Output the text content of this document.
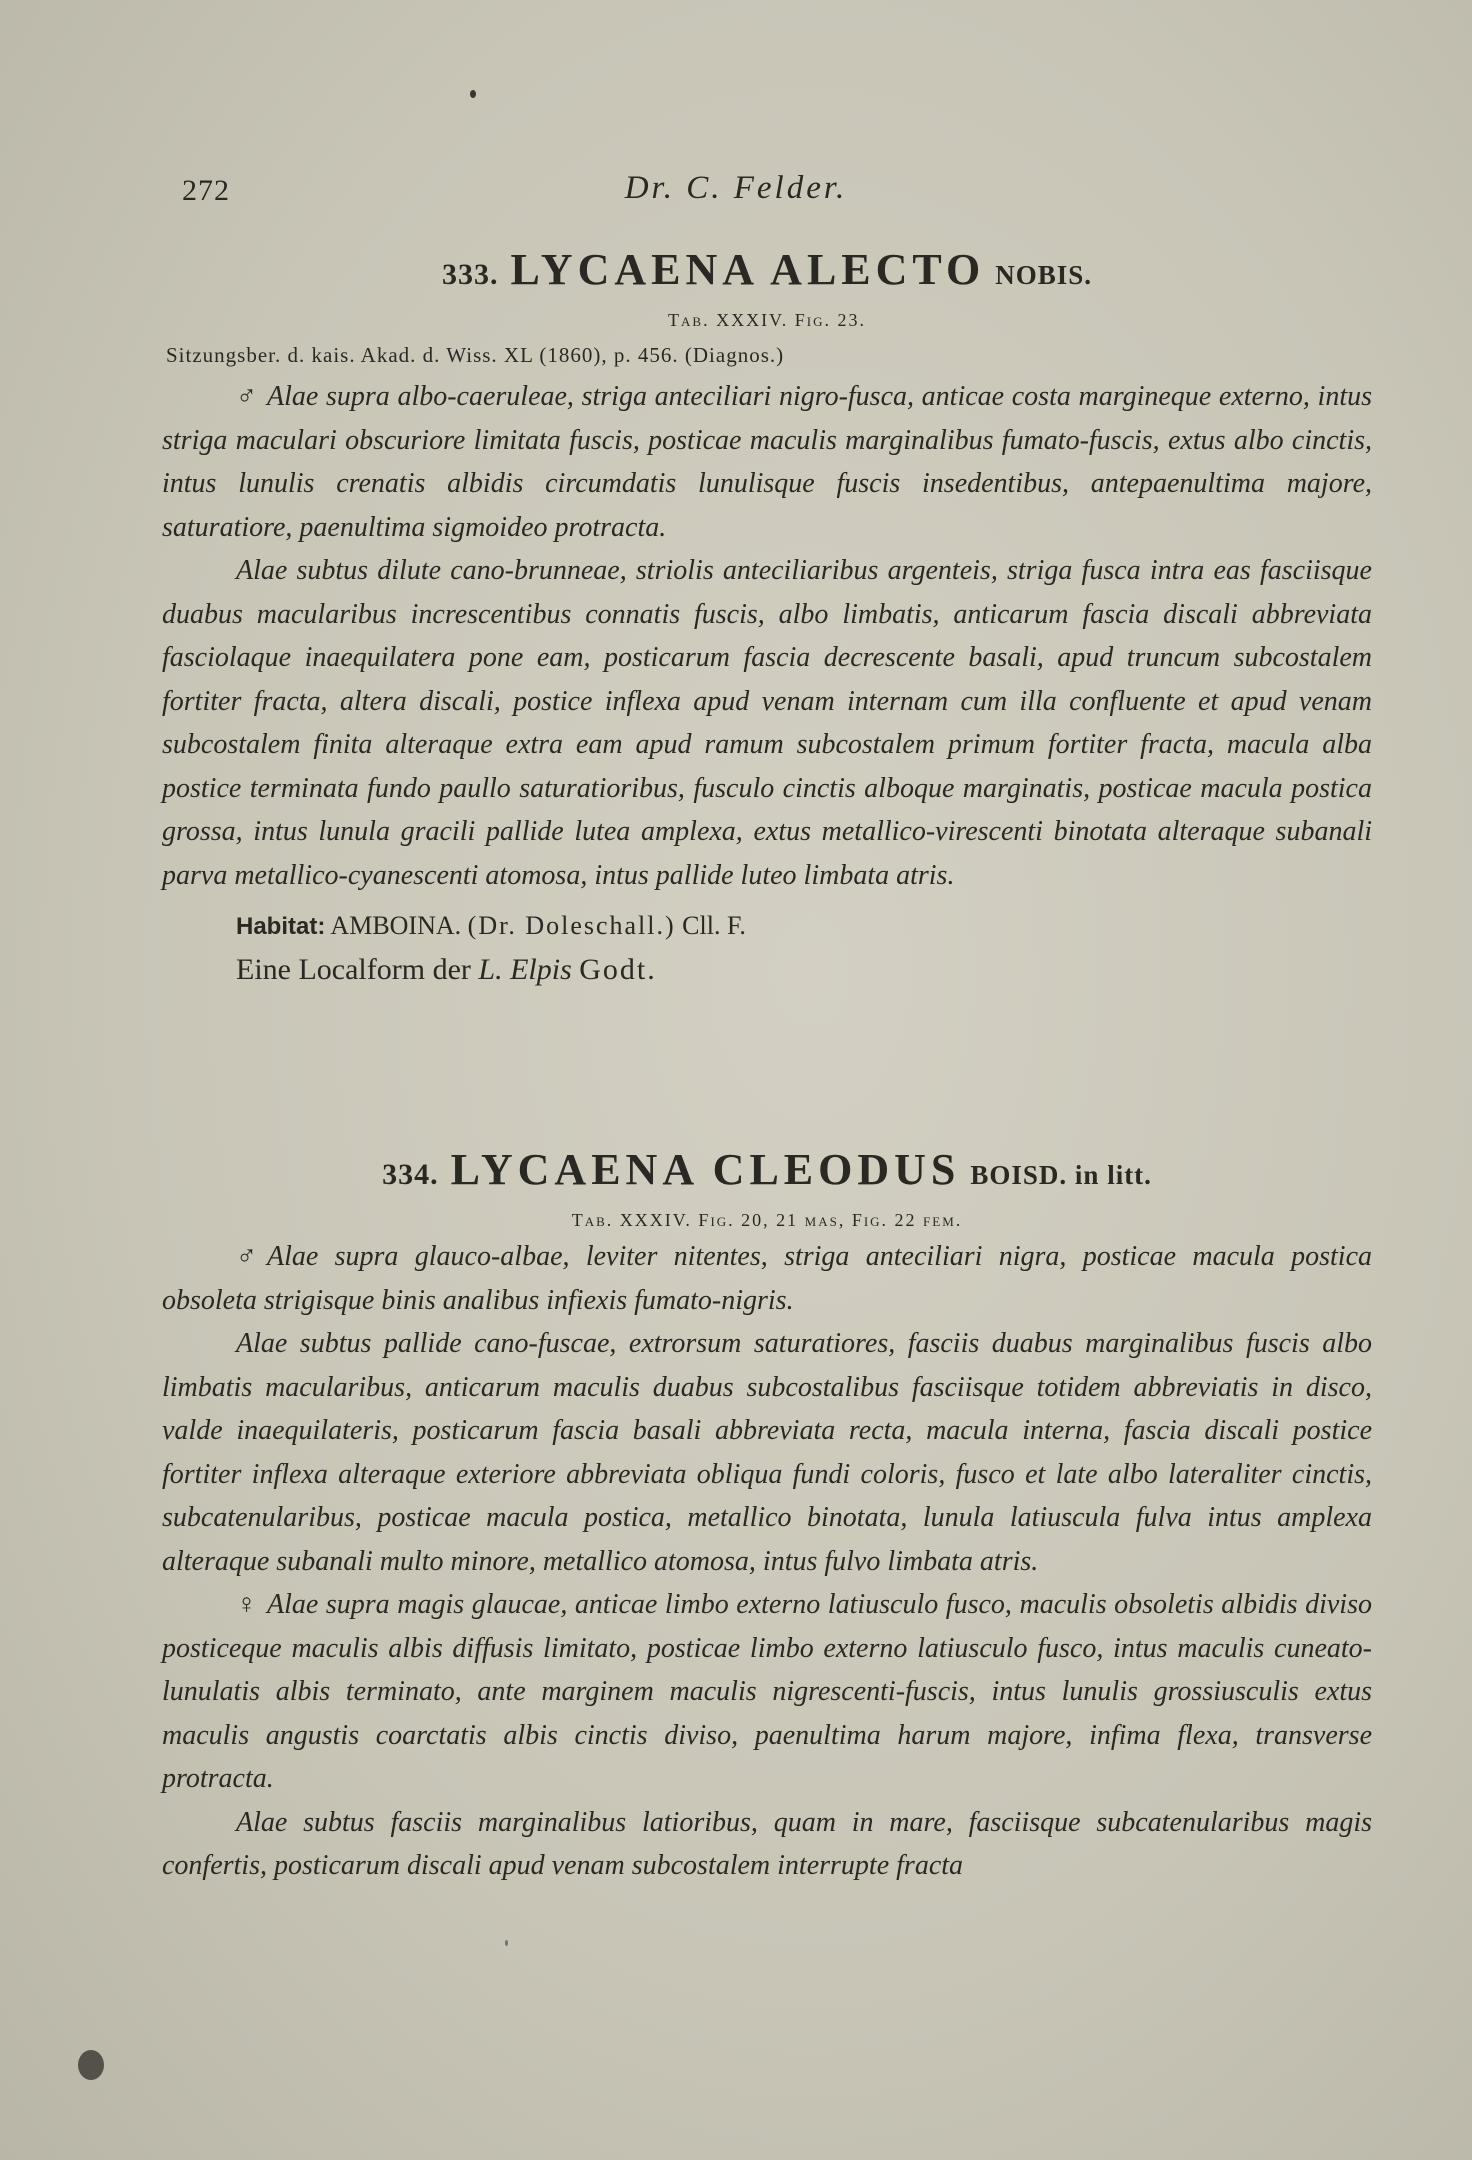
272	Dr. C. Felder.
333. LYCAENA ALECTO NOBIS.
Tab. XXXIV. Fig. 23.
Sitzungsber. d. kais. Akad. d. Wiss. XL (1860), p. 456. (Diagnos.)

♂ Alae supra albo-caeruleae, striga anteciliari nigro-fusca, anticae costa margineque externo, intus striga maculari obscuriore limitata fuscis, posticae maculis marginalibus fumato-fuscis, extus albo cinctis, intus lunulis crenatis albidis circumdatis lunulisque fuscis insedentibus, antepaenultima majore, saturatiore, paenultima sigmoideo protracta.

Alae subtus dilute cano-brunneae, striolis anteciliaribus argenteis, striga fusca intra eas fasciisque duabus macularibus increscentibus connatis fuscis, albo limbatis, anticarum fascia discali abbreviata fasciolaque inaequilatera pone eam, posticarum fascia decrescente basali, apud truncum subcostalem fortiter fracta, altera discali, postice inflexa apud venam internam cum illa confluente et apud venam subcostalem finita alteraque extra eam apud ramum subcostalem primum fortiter fracta, macula alba postice terminata fundo paullo saturatioribus, fusculo cinctis alboque marginatis, posticae macula postica grossa, intus lunula gracili pallide lutea amplexa, extus metallico-virescenti binotata alteraque subanali parva metallico-cyanescenti atomosa, intus pallide luteo limbata atris.

Habitat: AMBOINA. (Dr. Doleschall.) Cll. F.
Eine Localform der L. Elpis Godt.
334. LYCAENA CLEODUS BOISD. in litt.
Tab. XXXIV. Fig. 20, 21 mas, Fig. 22 fem.

♂ Alae supra glauco-albae, leviter nitentes, striga anteciliari nigra, posticae macula postica obsoleta strigisque binis analibus infiexis fumato-nigris.

Alae subtus pallide cano-fuscae, extrorsum saturatiores, fasciis duabus marginalibus fuscis albo limbatis macularibus, anticarum maculis duabus subcostalibus fasciisque totidem abbreviatis in disco, valde inaequilateris, posticarum fascia basali abbreviata recta, macula interna, fascia discali postice fortiter inflexa alteraque exteriore abbreviata obliqua fundi coloris, fusco et late albo lateraliter cinctis, subcatenularibus, posticae macula postica, metallico binotata, lunula latiuscula fulva intus amplexa alteraque subanali multo minore, metallico atomosa, intus fulvo limbata atris.

♀ Alae supra magis glaucae, anticae limbo externo latiusculo fusco, maculis obsoletis albidis diviso posticeque maculis albis diffusis limitato, posticae limbo externo latiusculo fusco, intus maculis cuneato-lunulatis albis terminato, ante marginem maculis nigrescenti-fuscis, intus lunulis grossiusculis extus maculis angustis coarctatis albis cinctis diviso, paenultima harum majore, infima flexa, transverse protracta.

Alae subtus fasciis marginalibus latioribus, quam in mare, fasciisque subcatenularibus magis confertis, posticarum discali apud venam subcostalem interrupte fracta
